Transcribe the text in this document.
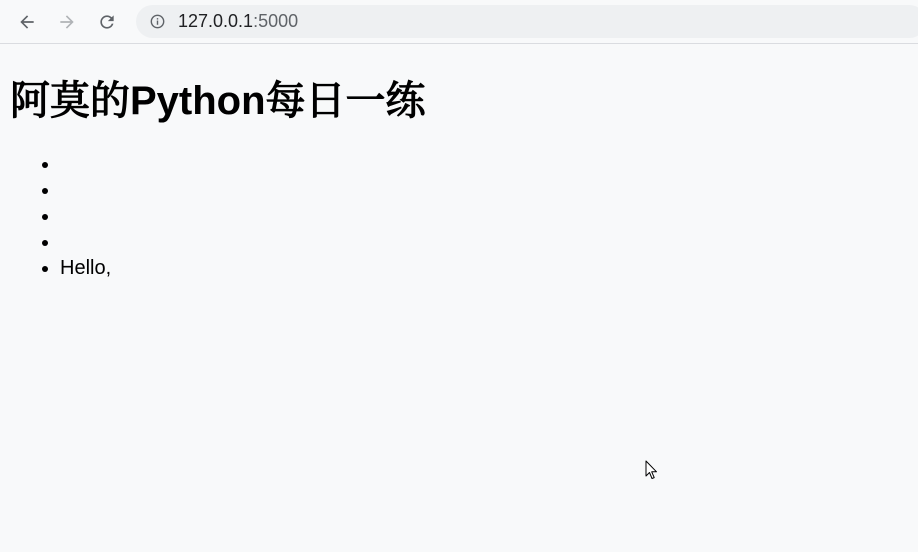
127.0.0.1:5000
阿莫的Python每日一练
•
•
•
•
• Hello,
